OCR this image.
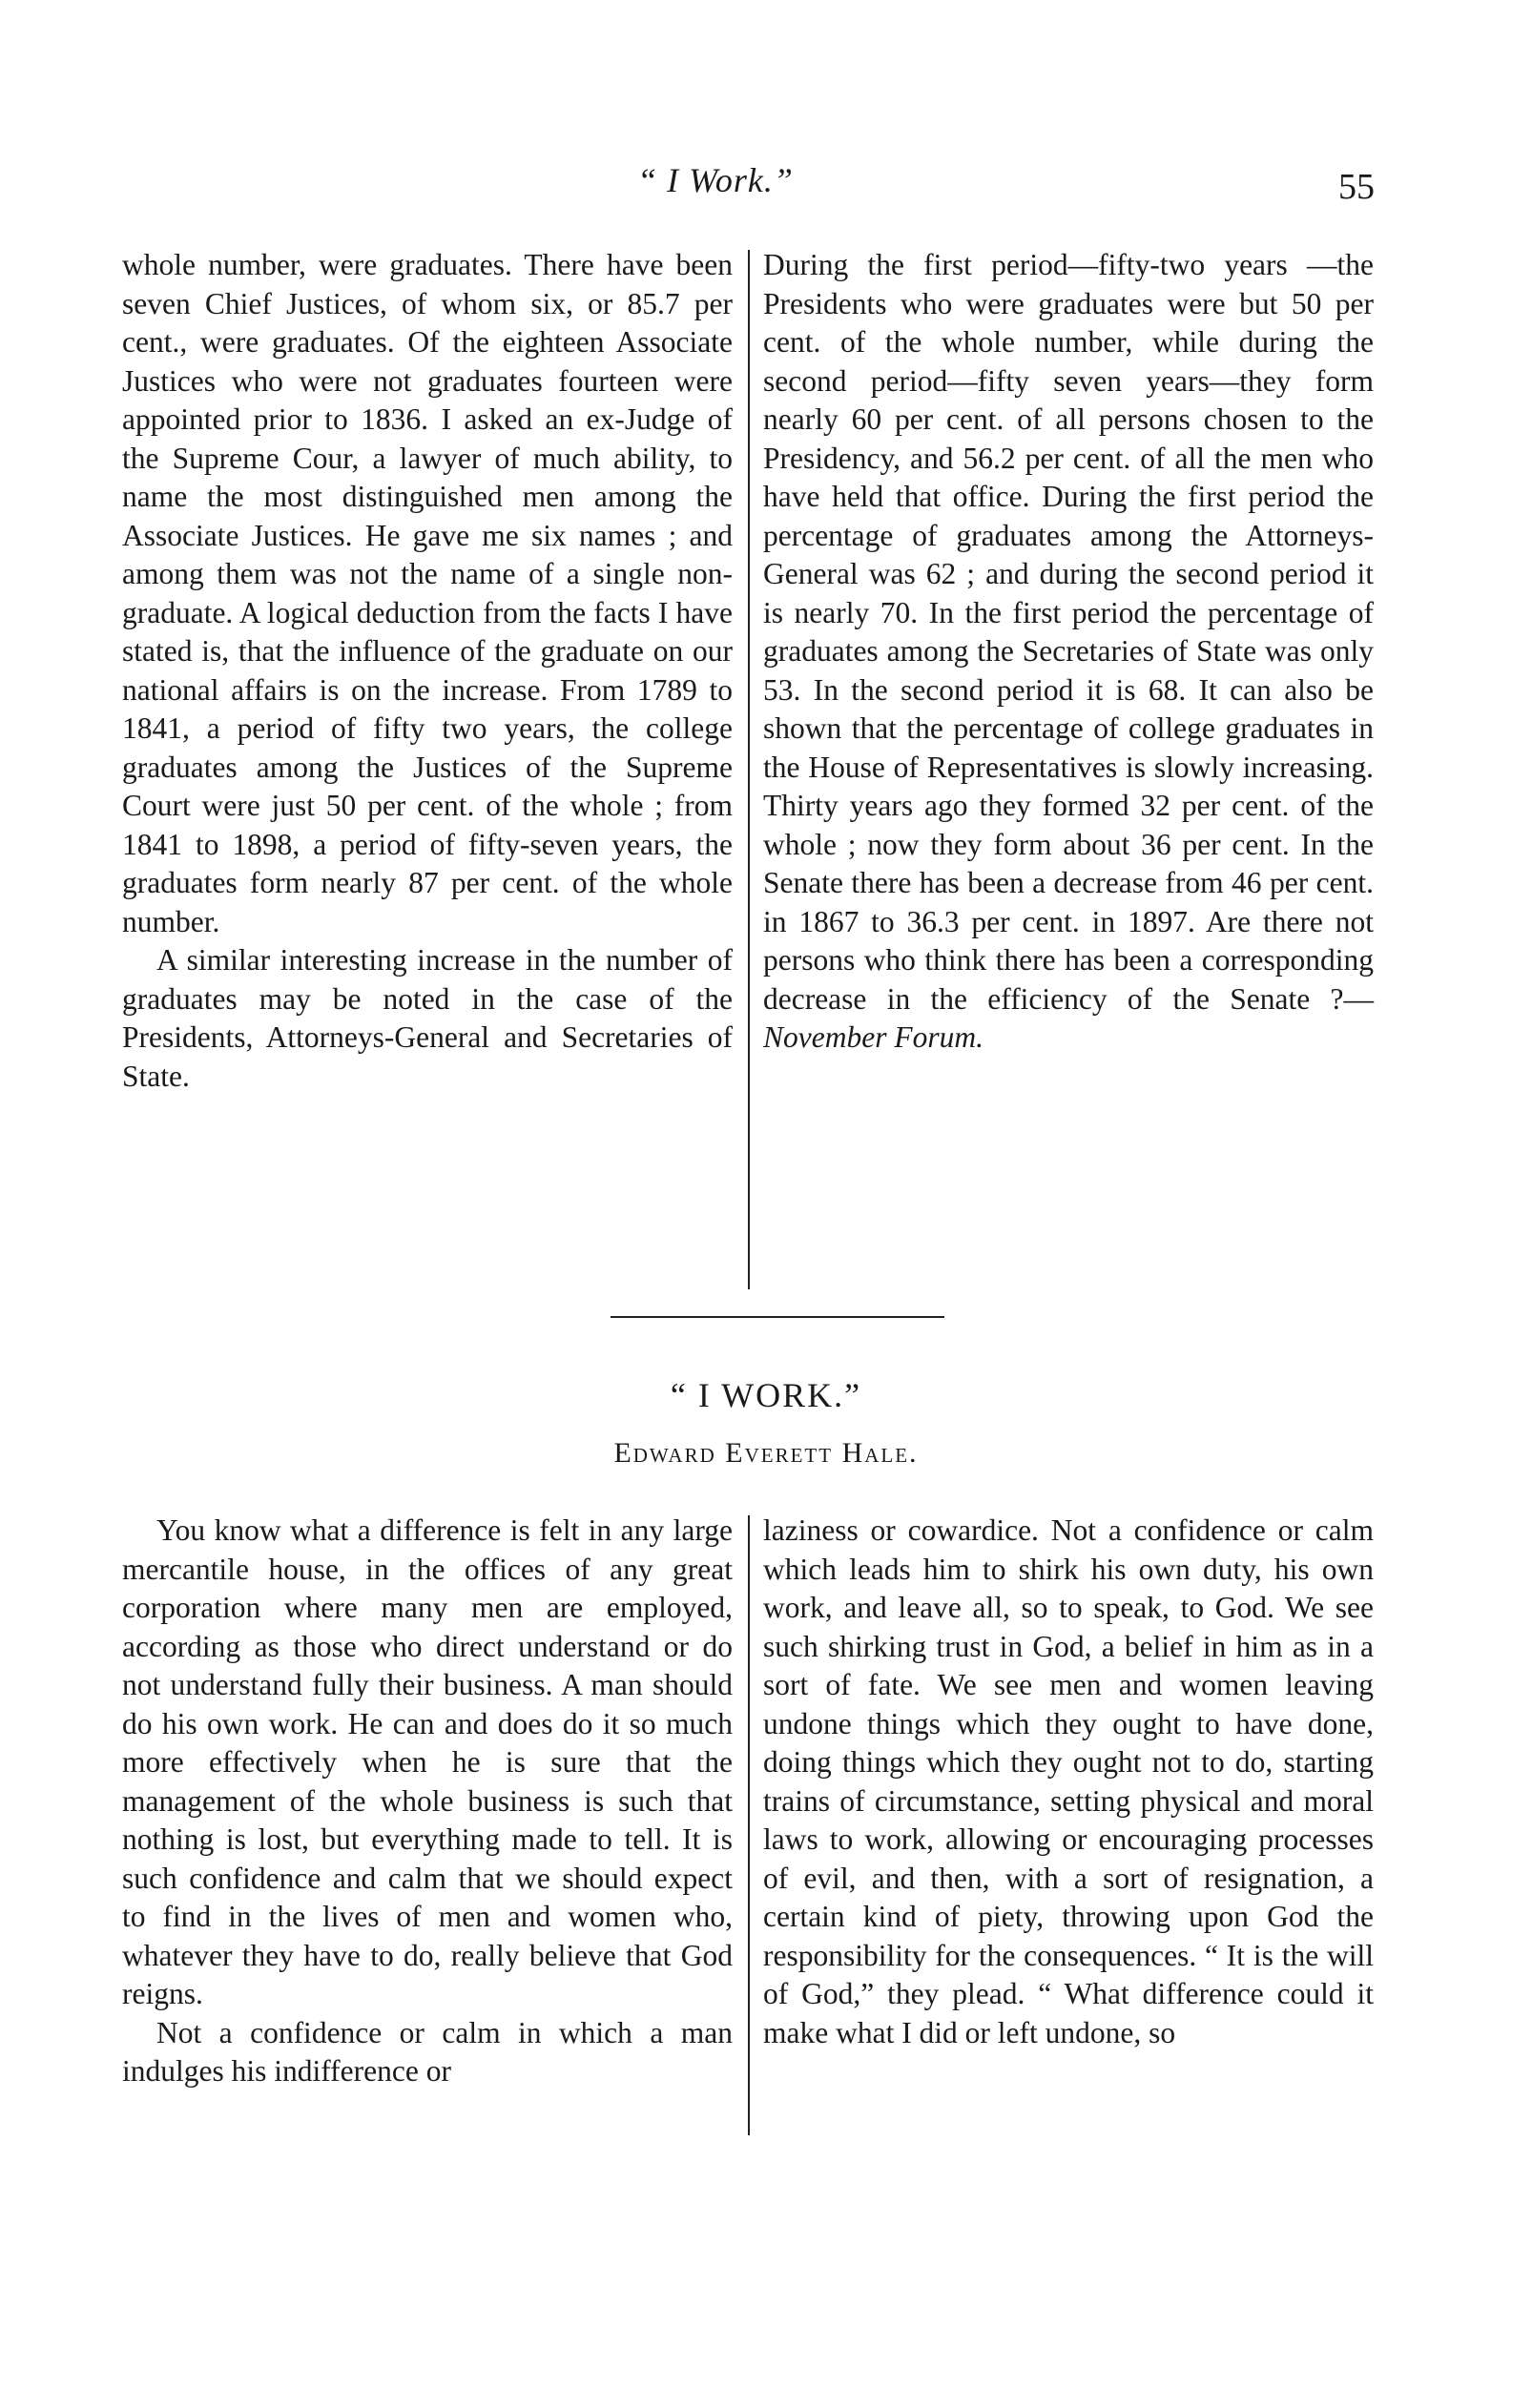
“ I Work.”	55

whole number, were graduates. There have been seven Chief Justices, of whom six, or 85.7 per cent., were graduates. Of the eighteen Associate Justices who were not graduates fourteen were appointed prior to 1836. I asked an ex-Judge of the Supreme Cour, a lawyer of much ability, to name the most distinguished men among the Associate Justices. He gave me six names ; and among them was not the name of a single non-graduate. A logical deduction from the facts I have stated is, that the influence of the graduate on our national affairs is on the increase. From 1789 to 1841, a period of fifty two years, the college graduates among the Justices of the Supreme Court were just 50 per cent. of the whole ; from 1841 to 1898, a period of fifty-seven years, the graduates form nearly 87 per cent. of the whole number.

A similar interesting increase in the number of graduates may be noted in the case of the Presidents, Attorneys-General and Secretaries of State.

During the first period—fifty-two years —the Presidents who were graduates were but 50 per cent. of the whole number, while during the second period—fifty seven years—they form nearly 60 per cent. of all persons chosen to the Presidency, and 56.2 per cent. of all the men who have held that office. During the first period the percentage of graduates among the Attorneys-General was 62 ; and during the second period it is nearly 70. In the first period the percentage of graduates among the Secretaries of State was only 53. In the second period it is 68. It can also be shown that the percentage of college graduates in the House of Representatives is slowly increasing. Thirty years ago they formed 32 per cent. of the whole ; now they form about 36 per cent. In the Senate there has been a decrease from 46 per cent. in 1867 to 36.3 per cent. in 1897. Are there not persons who think there has been a corresponding decrease in the efficiency of the Senate ?—November Forum.

“ I WORK.”
Edward Everett Hale.

You know what a difference is felt in any large mercantile house, in the offices of any great corporation where many men are employed, according as those who direct understand or do not understand fully their business. A man should do his own work. He can and does do it so much more effectively when he is sure that the management of the whole business is such that nothing is lost, but everything made to tell. It is such confidence and calm that we should expect to find in the lives of men and women who, whatever they have to do, really believe that God reigns.

Not a confidence or calm in which a man indulges his indifference or

laziness or cowardice. Not a confidence or calm which leads him to shirk his own duty, his own work, and leave all, so to speak, to God. We see such shirking trust in God, a belief in him as in a sort of fate. We see men and women leaving undone things which they ought to have done, doing things which they ought not to do, starting trains of circumstance, setting physical and moral laws to work, allowing or encouraging processes of evil, and then, with a sort of resignation, a certain kind of piety, throwing upon God the responsibility for the consequences. “ It is the will of God,” they plead. “ What difference could it make what I did or left undone, so
